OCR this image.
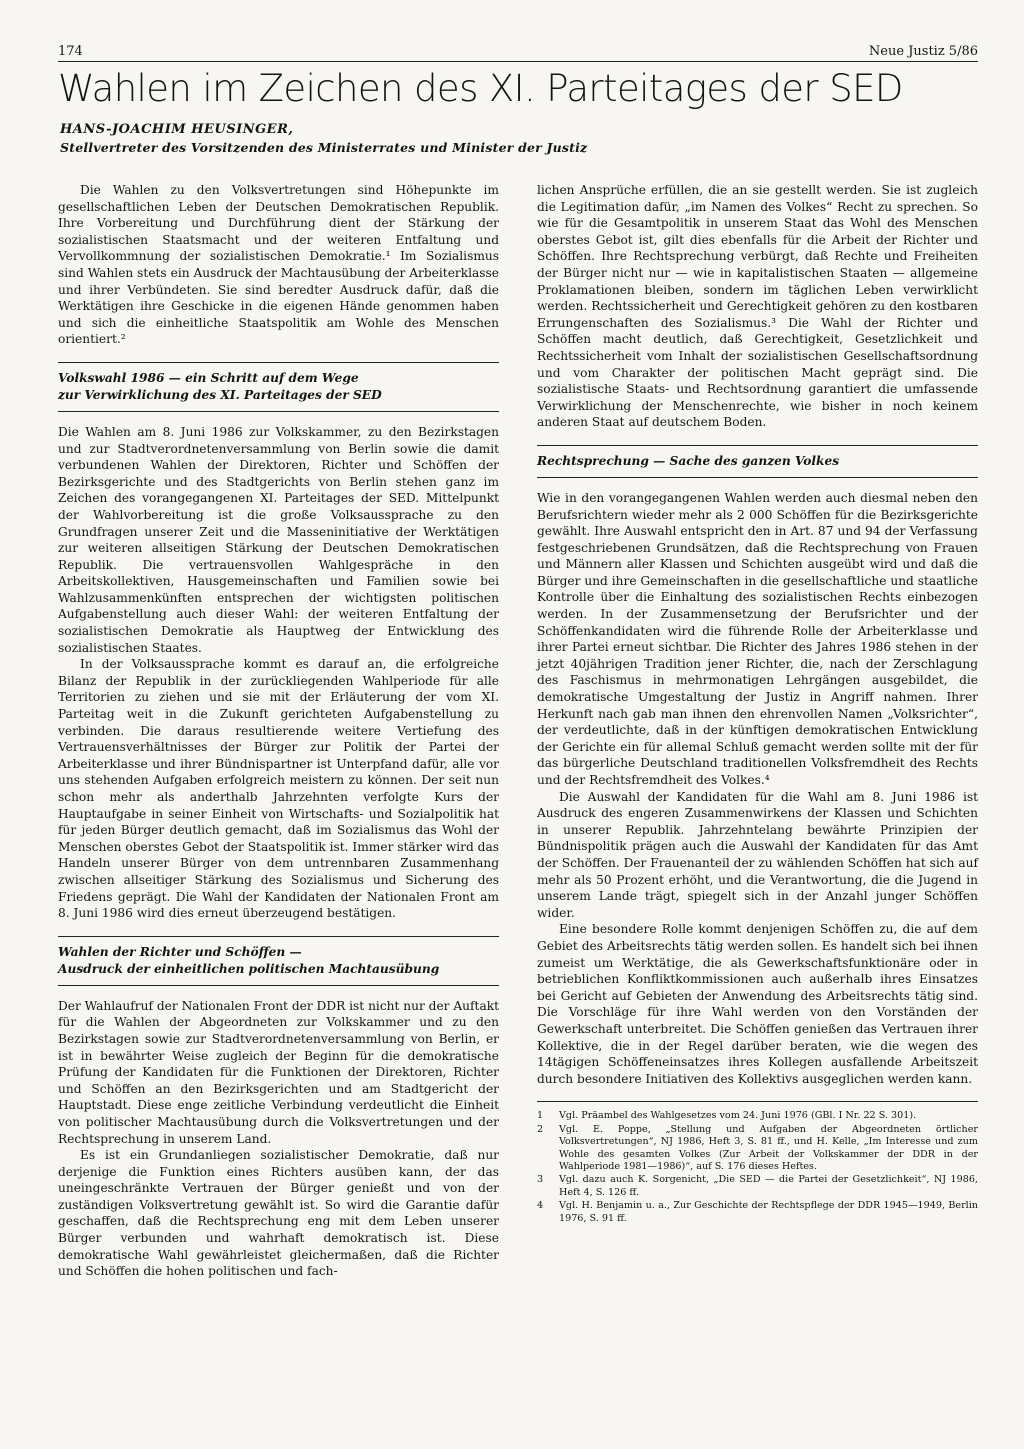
174	Neue Justiz 5/86
Wahlen im Zeichen des XI. Parteitages der SED
HANS-JOACHIM HEUSINGER,
Stellvertreter des Vorsitzenden des Ministerrates und Minister der Justiz

Die Wahlen zu den Volksvertretungen sind Höhepunkte im gesellschaftlichen Leben der Deutschen Demokratischen Republik. Ihre Vorbereitung und Durchführung dient der Stärkung der sozialistischen Staatsmacht und der weiteren Entfaltung und Vervollkommnung der sozialistischen Demokratie.¹ Im Sozialismus sind Wahlen stets ein Ausdruck der Machtausübung der Arbeiterklasse und ihrer Verbündeten. Sie sind beredter Ausdruck dafür, daß die Werktätigen ihre Geschicke in die eigenen Hände genommen haben und sich die einheitliche Staatspolitik am Wohle des Menschen orientiert.²

Volkswahl 1986 — ein Schritt auf dem Wege
zur Verwirklichung des XI. Parteitages der SED

Die Wahlen am 8. Juni 1986 zur Volkskammer, zu den Bezirkstagen und zur Stadtverordnetenversammlung von Berlin sowie die damit verbundenen Wahlen der Direktoren, Richter und Schöffen der Bezirksgerichte und des Stadtgerichts von Berlin stehen ganz im Zeichen des vorangegangenen XI. Parteitages der SED. Mittelpunkt der Wahlvorbereitung ist die große Volksaussprache zu den Grundfragen unserer Zeit und die Masseninitiative der Werktätigen zur weiteren allseitigen Stärkung der Deutschen Demokratischen Republik. Die vertrauensvollen Wahlgespräche in den Arbeitskollektiven, Hausgemeinschaften und Familien sowie bei Wahlzusammenkünften entsprechen der wichtigsten politischen Aufgabenstellung auch dieser Wahl: der weiteren Entfaltung der sozialistischen Demokratie als Hauptweg der Entwicklung des sozialistischen Staates.

In der Volksaussprache kommt es darauf an, die erfolgreiche Bilanz der Republik in der zurückliegenden Wahlperiode für alle Territorien zu ziehen und sie mit der Erläuterung der vom XI. Parteitag weit in die Zukunft gerichteten Aufgabenstellung zu verbinden. Die daraus resultierende weitere Vertiefung des Vertrauensverhältnisses der Bürger zur Politik der Partei der Arbeiterklasse und ihrer Bündnispartner ist Unterpfand dafür, alle vor uns stehenden Aufgaben erfolgreich meistern zu können. Der seit nun schon mehr als anderthalb Jahrzehnten verfolgte Kurs der Hauptaufgabe in seiner Einheit von Wirtschafts- und Sozialpolitik hat für jeden Bürger deutlich gemacht, daß im Sozialismus das Wohl der Menschen oberstes Gebot der Staatspolitik ist. Immer stärker wird das Handeln unserer Bürger von dem untrennbaren Zusammenhang zwischen allseitiger Stärkung des Sozialismus und Sicherung des Friedens geprägt. Die Wahl der Kandidaten der Nationalen Front am 8. Juni 1986 wird dies erneut überzeugend bestätigen.

Wahlen der Richter und Schöffen —
Ausdruck der einheitlichen politischen Machtausübung

Der Wahlaufruf der Nationalen Front der DDR ist nicht nur der Auftakt für die Wahlen der Abgeordneten zur Volkskammer und zu den Bezirkstagen sowie zur Stadtverordnetenversammlung von Berlin, er ist in bewährter Weise zugleich der Beginn für die demokratische Prüfung der Kandidaten für die Funktionen der Direktoren, Richter und Schöffen an den Bezirksgerichten und am Stadtgericht der Hauptstadt. Diese enge zeitliche Verbindung verdeutlicht die Einheit von politischer Machtausübung durch die Volksvertretungen und der Rechtsprechung in unserem Land.

Es ist ein Grundanliegen sozialistischer Demokratie, daß nur derjenige die Funktion eines Richters ausüben kann, der das uneingeschränkte Vertrauen der Bürger genießt und von der zuständigen Volksvertretung gewählt ist. So wird die Garantie dafür geschaffen, daß die Rechtsprechung eng mit dem Leben unserer Bürger verbunden und wahrhaft demokratisch ist. Diese demokratische Wahl gewährleistet gleichermaßen, daß die Richter und Schöffen die hohen politischen und fach-

lichen Ansprüche erfüllen, die an sie gestellt werden. Sie ist zugleich die Legitimation dafür, „im Namen des Volkes“ Recht zu sprechen. So wie für die Gesamtpolitik in unserem Staat das Wohl des Menschen oberstes Gebot ist, gilt dies ebenfalls für die Arbeit der Richter und Schöffen. Ihre Rechtsprechung verbürgt, daß Rechte und Freiheiten der Bürger nicht nur — wie in kapitalistischen Staaten — allgemeine Proklamationen bleiben, sondern im täglichen Leben verwirklicht werden. Rechtssicherheit und Gerechtigkeit gehören zu den kostbaren Errungenschaften des Sozialismus.³ Die Wahl der Richter und Schöffen macht deutlich, daß Gerechtigkeit, Gesetzlichkeit und Rechtssicherheit vom Inhalt der sozialistischen Gesellschaftsordnung und vom Charakter der politischen Macht geprägt sind. Die sozialistische Staats- und Rechtsordnung garantiert die umfassende Verwirklichung der Menschenrechte, wie bisher in noch keinem anderen Staat auf deutschem Boden.

Rechtsprechung — Sache des ganzen Volkes

Wie in den vorangegangenen Wahlen werden auch diesmal neben den Berufsrichtern wieder mehr als 2 000 Schöffen für die Bezirksgerichte gewählt. Ihre Auswahl entspricht den in Art. 87 und 94 der Verfassung festgeschriebenen Grundsätzen, daß die Rechtsprechung von Frauen und Männern aller Klassen und Schichten ausgeübt wird und daß die Bürger und ihre Gemeinschaften in die gesellschaftliche und staatliche Kontrolle über die Einhaltung des sozialistischen Rechts einbezogen werden. In der Zusammensetzung der Berufsrichter und der Schöffenkandidaten wird die führende Rolle der Arbeiterklasse und ihrer Partei erneut sichtbar. Die Richter des Jahres 1986 stehen in der jetzt 40jährigen Tradition jener Richter, die, nach der Zerschlagung des Faschismus in mehrmonatigen Lehrgängen ausgebildet, die demokratische Umgestaltung der Justiz in Angriff nahmen. Ihrer Herkunft nach gab man ihnen den ehrenvollen Namen „Volksrichter“, der verdeutlichte, daß in der künftigen demokratischen Entwicklung der Gerichte ein für allemal Schluß gemacht werden sollte mit der für das bürgerliche Deutschland traditionellen Volksfremdheit des Rechts und der Rechtsfremdheit des Volkes.⁴

Die Auswahl der Kandidaten für die Wahl am 8. Juni 1986 ist Ausdruck des engeren Zusammenwirkens der Klassen und Schichten in unserer Republik. Jahrzehntelang bewährte Prinzipien der Bündnispolitik prägen auch die Auswahl der Kandidaten für das Amt der Schöffen. Der Frauenanteil der zu wählenden Schöffen hat sich auf mehr als 50 Prozent erhöht, und die Verantwortung, die die Jugend in unserem Lande trägt, spiegelt sich in der Anzahl junger Schöffen wider.

Eine besondere Rolle kommt denjenigen Schöffen zu, die auf dem Gebiet des Arbeitsrechts tätig werden sollen. Es handelt sich bei ihnen zumeist um Werktätige, die als Gewerkschaftsfunktionäre oder in betrieblichen Konfliktkommissionen auch außerhalb ihres Einsatzes bei Gericht auf Gebieten der Anwendung des Arbeitsrechts tätig sind. Die Vorschläge für ihre Wahl werden von den Vorständen der Gewerkschaft unterbreitet. Die Schöffen genießen das Vertrauen ihrer Kollektive, die in der Regel darüber beraten, wie die wegen des 14tägigen Schöffeneinsatzes ihres Kollegen ausfallende Arbeitszeit durch besondere Initiativen des Kollektivs ausgeglichen werden kann.

1	Vgl. Präambel des Wahlgesetzes vom 24. Juni 1976 (GBl. I Nr. 22 S. 301).
2	Vgl. E. Poppe, „Stellung und Aufgaben der Abgeordneten örtlicher Volksvertretungen“, NJ 1986, Heft 3, S. 81 ff., und H. Kelle, „Im Interesse und zum Wohle des gesamten Volkes (Zur Arbeit der Volkskammer der DDR in der Wahlperiode 1981—1986)“, auf S. 176 dieses Heftes.
3	Vgl. dazu auch K. Sorgenicht, „Die SED — die Partei der Gesetzlichkeit“, NJ 1986, Heft 4, S. 126 ff.
4	Vgl. H. Benjamin u. a., Zur Geschichte der Rechtspflege der DDR 1945—1949, Berlin 1976, S. 91 ff.
